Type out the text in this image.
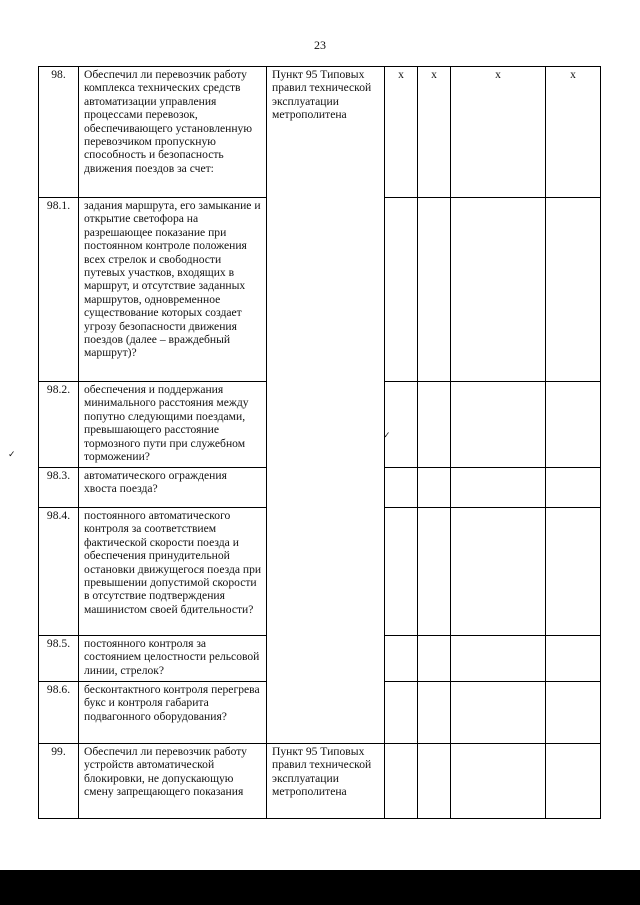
23
98.	Обеспечил ли перевозчик работу комплекса технических средств автоматизации управления процессами перевозок, обеспечивающего установленную перевозчиком пропускную способность и безопасность движения поездов за счет:	Пункт 95 Типовых правил технической эксплуатации метрополитена	х	х	х	х
98.1.	задания маршрута, его замыкание и открытие светофора на разрешающее показание при постоянном контроле положения всех стрелок и свободности путевых участков, входящих в маршрут, и отсутствие заданных маршрутов, одновременное существование которых создает угрозу безопасности движения поездов (далее – враждебный маршрут)?					
98.2.	обеспечения и поддержания минимального расстояния между попутно следующими поездами, превышающего расстояние тормозного пути при служебном торможении?		✓			
98.3.	автоматического ограждения хвоста поезда?					
98.4.	постоянного автоматического контроля за соответствием фактической скорости поезда и обеспечения принудительной остановки движущегося поезда при превышении допустимой скорости в отсутствие подтверждения машинистом своей бдительности?					
98.5.	постоянного контроля за состоянием целостности рельсовой линии, стрелок?					
98.6.	бесконтактного контроля перегрева букс и контроля габарита подвагонного оборудования?					
99.	Обеспечил ли перевозчик работу устройств автоматической блокировки, не допускающую смену запрещающего показания	Пункт 95 Типовых правил технической эксплуатации метрополитена				
✓
